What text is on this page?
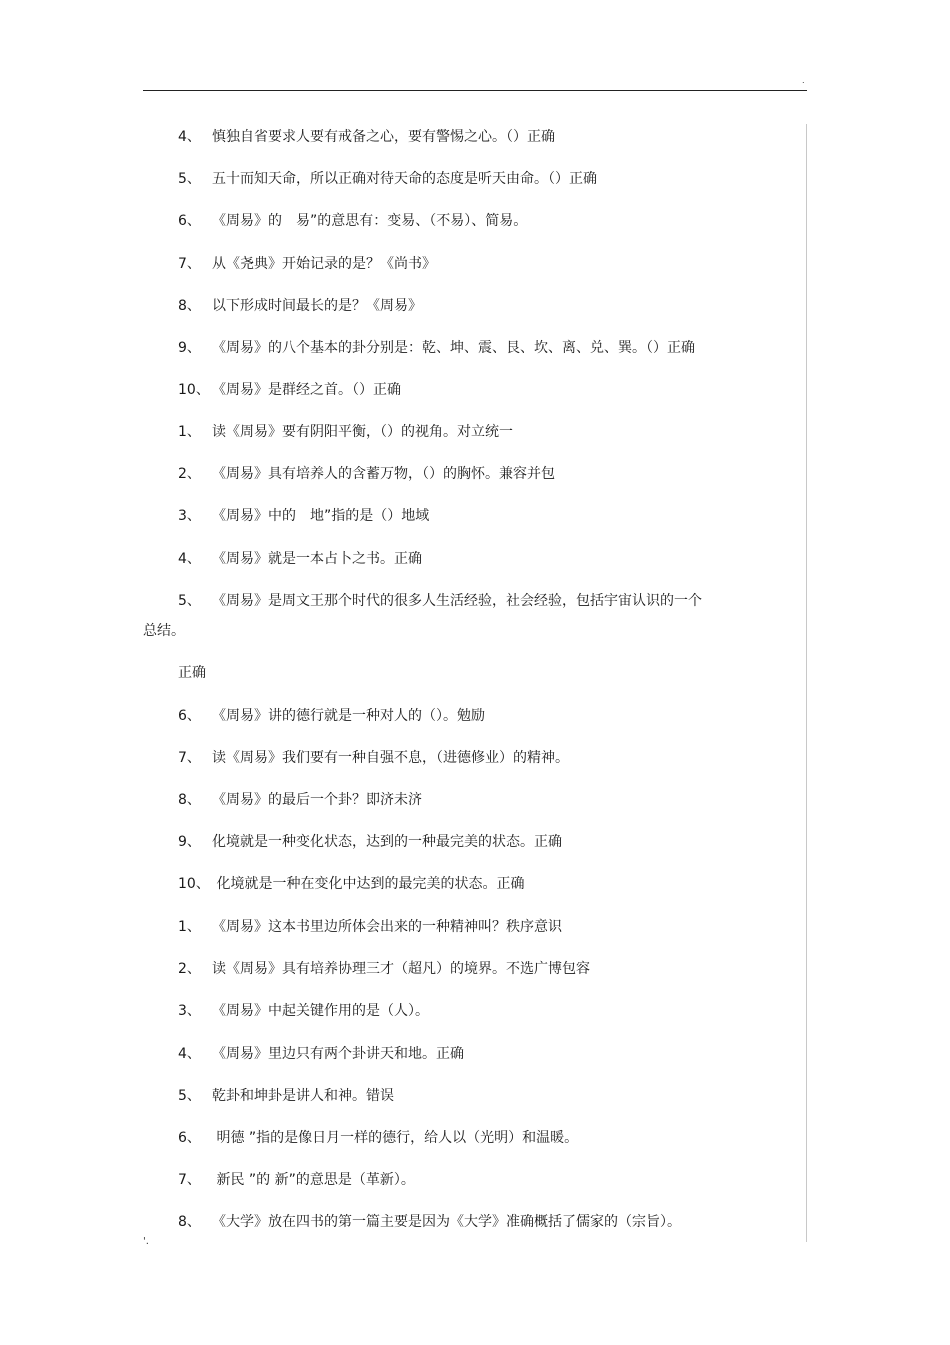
.
4、 慎独自省要求人要有戒备之心，要有警惕之心。（）正确
5、 五十而知天命，所以正确对待天命的态度是听天由命。（）正确
6、 《周易》的　易”的意思有：变易、（不易）、简易。
7、 从《尧典》开始记录的是？《尚书》
8、 以下形成时间最长的是？《周易》
9、 《周易》的八个基本的卦分别是：乾、坤、震、艮、坎、离、兑、巽。（）正确
10、 《周易》是群经之首。（）正确
1、 读《周易》要有阴阳平衡，（）的视角。对立统一
2、 《周易》具有培养人的含蓄万物，（）的胸怀。兼容并包
3、 《周易》中的　地”指的是（）地域
4、 《周易》就是一本占卜之书。正确
5、 《周易》是周文王那个时代的很多人生活经验，社会经验，包括宇宙认识的一个
总结。
正确
6、 《周易》讲的德行就是一种对人的（）。勉励
7、 读《周易》我们要有一种自强不息，（进德修业）的精神。
8、 《周易》的最后一个卦？即济未济
9、 化境就是一种变化状态，达到的一种最完美的状态。正确
10、 化境就是一种在变化中达到的最完美的状态。正确
1、 《周易》这本书里边所体会出来的一种精神叫？秩序意识
2、 读《周易》具有培养协理三才（超凡）的境界。不选广博包容
3、 《周易》中起关键作用的是（人）。
4、 《周易》里边只有两个卦讲天和地。正确
5、 乾卦和坤卦是讲人和神。错误
6、 明德 ”指的是像日月一样的德行，给人以（光明）和温暖。
7、 新民 ”的 新”的意思是（革新）。
8、 《大学》放在四书的第一篇主要是因为《大学》准确概括了儒家的（宗旨）。
'.
